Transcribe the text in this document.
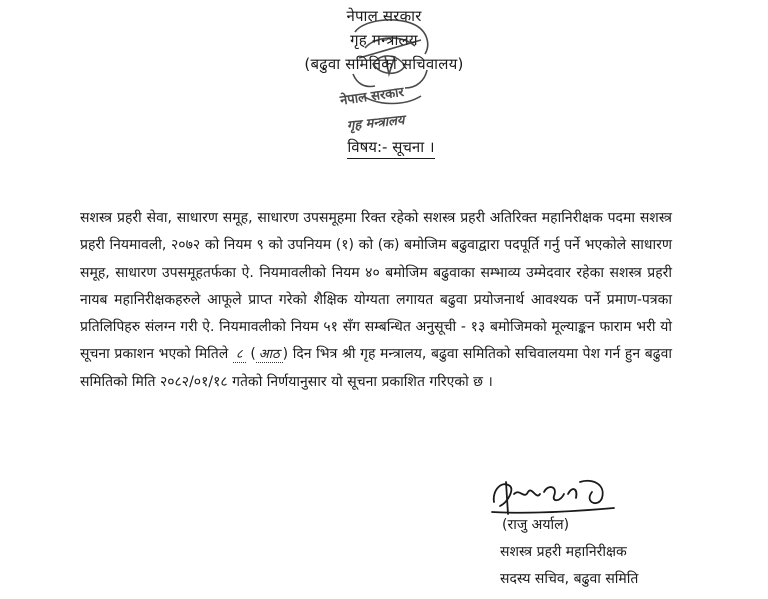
नेपाल सरकार
गृह मन्त्रालय
(बढुवा समितिको सचिवालय)
नेपाल सरकार
गृह मन्त्रालय
विषय:- सूचना ।
सशस्त्र प्रहरी सेवा, साधारण समूह, साधारण उपसमूहमा रिक्त रहेको सशस्त्र प्रहरी अतिरिक्त महानिरीक्षक पदमा सशस्त्र प्रहरी नियमावली, २०७२ को नियम ९ को उपनियम (१) को (क) बमोजिम बढुवाद्वारा पदपूर्ति गर्नु पर्ने भएकोले साधारण समूह, साधारण उपसमूहतर्फका ऐ. नियमावलीको नियम ४० बमोजिम बढुवाका सम्भाव्य उम्मेदवार रहेका सशस्त्र प्रहरी नायब महानिरीक्षकहरुले आफूले प्राप्त गरेको शैक्षिक योग्यता लगायत बढुवा प्रयोजनार्थ आवश्यक पर्ने प्रमाण-पत्रका प्रतिलिपिहरु संलग्न गरी ऐ. नियमावलीको नियम ५१ सँग सम्बन्धित अनुसूची - १३ बमोजिमको मूल्याङ्कन फाराम भरी यो सूचना प्रकाशन भएको मितिले ८ ( आठ ) दिन भित्र श्री गृह मन्त्रालय, बढुवा समितिको सचिवालयमा पेश गर्न हुन बढुवा समितिको मिति २०८२/०१/१८ गतेको निर्णयानुसार यो सूचना प्रकाशित गरिएको छ ।
(राजु अर्याल)
सशस्त्र प्रहरी महानिरीक्षक
सदस्य सचिव, बढुवा समिति
